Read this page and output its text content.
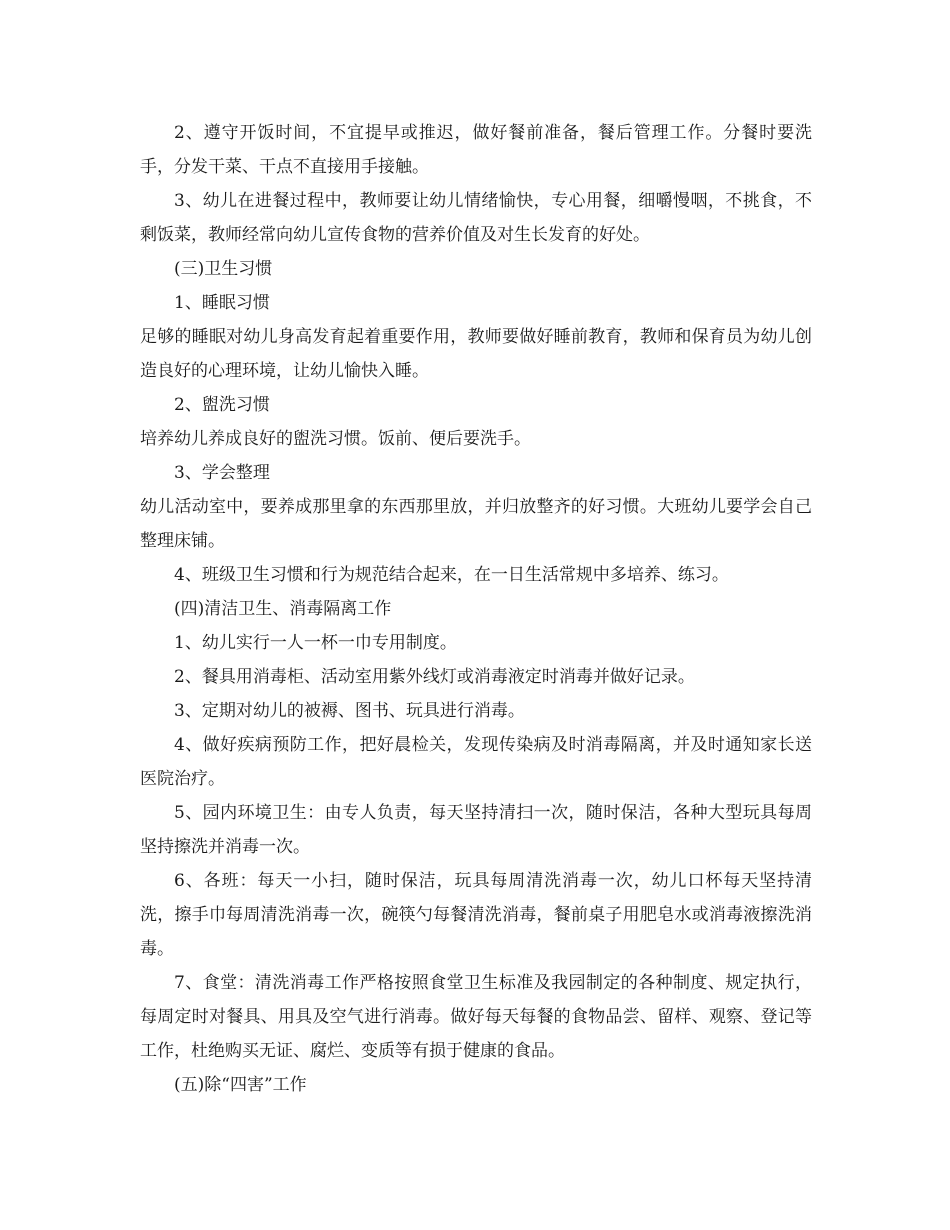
2、遵守开饭时间，不宜提早或推迟，做好餐前准备，餐后管理工作。分餐时要洗手，分发干菜、干点不直接用手接触。

3、幼儿在进餐过程中，教师要让幼儿情绪愉快，专心用餐，细嚼慢咽，不挑食，不剩饭菜，教师经常向幼儿宣传食物的营养价值及对生长发育的好处。

(三)卫生习惯

1、睡眠习惯

足够的睡眠对幼儿身高发育起着重要作用，教师要做好睡前教育，教师和保育员为幼儿创造良好的心理环境，让幼儿愉快入睡。

2、盥洗习惯

培养幼儿养成良好的盥洗习惯。饭前、便后要洗手。

3、学会整理

幼儿活动室中，要养成那里拿的东西那里放，并归放整齐的好习惯。大班幼儿要学会自己整理床铺。

4、班级卫生习惯和行为规范结合起来，在一日生活常规中多培养、练习。

(四)清洁卫生、消毒隔离工作

1、幼儿实行一人一杯一巾专用制度。

2、餐具用消毒柜、活动室用紫外线灯或消毒液定时消毒并做好记录。

3、定期对幼儿的被褥、图书、玩具进行消毒。

4、做好疾病预防工作，把好晨检关，发现传染病及时消毒隔离，并及时通知家长送医院治疗。

5、园内环境卫生：由专人负责，每天坚持清扫一次，随时保洁，各种大型玩具每周坚持擦洗并消毒一次。

6、各班：每天一小扫，随时保洁，玩具每周清洗消毒一次，幼儿口杯每天坚持清洗，擦手巾每周清洗消毒一次，碗筷勺每餐清洗消毒，餐前桌子用肥皂水或消毒液擦洗消毒。

7、食堂：清洗消毒工作严格按照食堂卫生标准及我园制定的各种制度、规定执行，每周定时对餐具、用具及空气进行消毒。做好每天每餐的食物品尝、留样、观察、登记等工作，杜绝购买无证、腐烂、变质等有损于健康的食品。

(五)除“四害”工作
